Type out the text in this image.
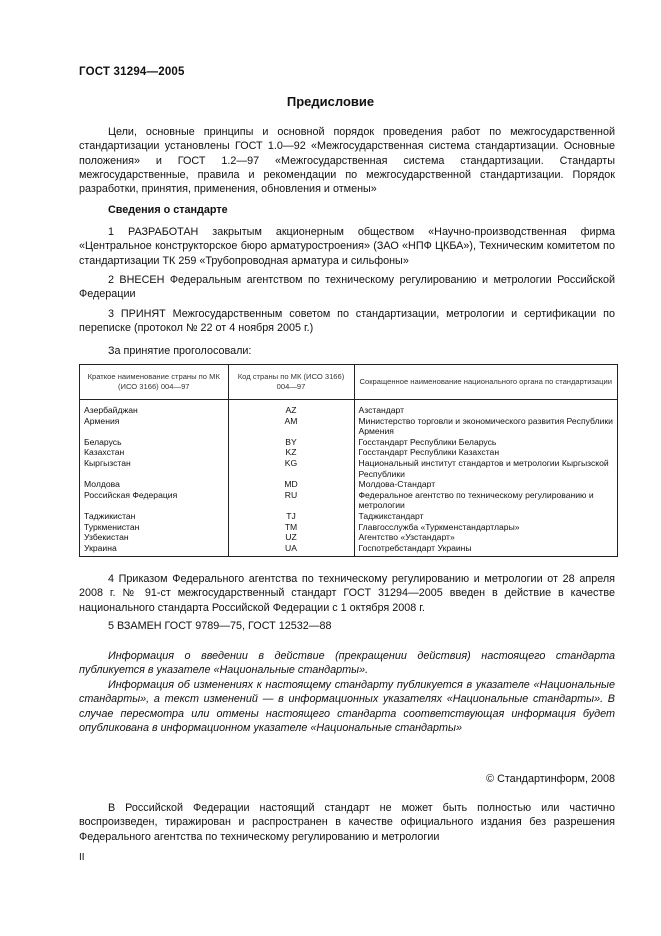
ГОСТ 31294—2005
Предисловие

Цели, основные принципы и основной порядок проведения работ по межгосударственной стандартизации установлены ГОСТ 1.0—92 «Межгосударственная система стандартизации. Основные положения» и ГОСТ 1.2—97 «Межгосударственная система стандартизации. Стандарты межгосударственные, правила и рекомендации по межгосударственной стандартизации. Порядок разработки, принятия, применения, обновления и отмены»

Сведения о стандарте

1 РАЗРАБОТАН закрытым акционерным обществом «Научно-производственная фирма «Центральное конструкторское бюро арматуростроения» (ЗАО «НПФ ЦКБА»), Техническим комитетом по стандартизации ТК 259 «Трубопроводная арматура и сильфоны»

2 ВНЕСЕН Федеральным агентством по техническому регулированию и метрологии Российской Федерации

3 ПРИНЯТ Межгосударственным советом по стандартизации, метрологии и сертификации по переписке (протокол № 22 от 4 ноября 2005 г.)

За принятие проголосовали:
Краткое наименование страны по МК (ИСО 3166) 004—97	Код страны по МК (ИСО 3166) 004—97	Сокращенное наименование национального органа по стандартизации
Азербайджан	AZ	Азстандарт
Армения	AM	Министерство торговли и экономического развития Республики Армения
Беларусь	BY	Госстандарт Республики Беларусь
Казахстан	KZ	Госстандарт Республики Казахстан
Кыргызстан	KG	Национальный институт стандартов и метрологии Кыргызской Республики
Молдова	MD	Молдова-Стандарт
Российская Федерация	RU	Федеральное агентство по техническому регулированию и метрологии
Таджикистан	TJ	Таджикстандарт
Туркменистан	TM	Главгосслужба «Туркменстандартлары»
Узбекистан	UZ	Агентство «Узстандарт»
Украина	UA	Госпотребстандарт Украины

4 Приказом Федерального агентства по техническому регулированию и метрологии от 28 апреля 2008 г. № 91-ст межгосударственный стандарт ГОСТ 31294—2005 введен в действие в качестве национального стандарта Российской Федерации с 1 октября 2008 г.

5 ВЗАМЕН ГОСТ 9789—75, ГОСТ 12532—88

Информация о введении в действие (прекращении действия) настоящего стандарта публикуется в указателе «Национальные стандарты».

Информация об изменениях к настоящему стандарту публикуется в указателе «Национальные стандарты», а текст изменений — в информационных указателях «Национальные стандарты». В случае пересмотра или отмены настоящего стандарта соответствующая информация будет опубликована в информационном указателе «Национальные стандарты»

© Стандартинформ, 2008

В Российской Федерации настоящий стандарт не может быть полностью или частично воспроизведен, тиражирован и распространен в качестве официального издания без разрешения Федерального агентства по техническому регулированию и метрологии

II
